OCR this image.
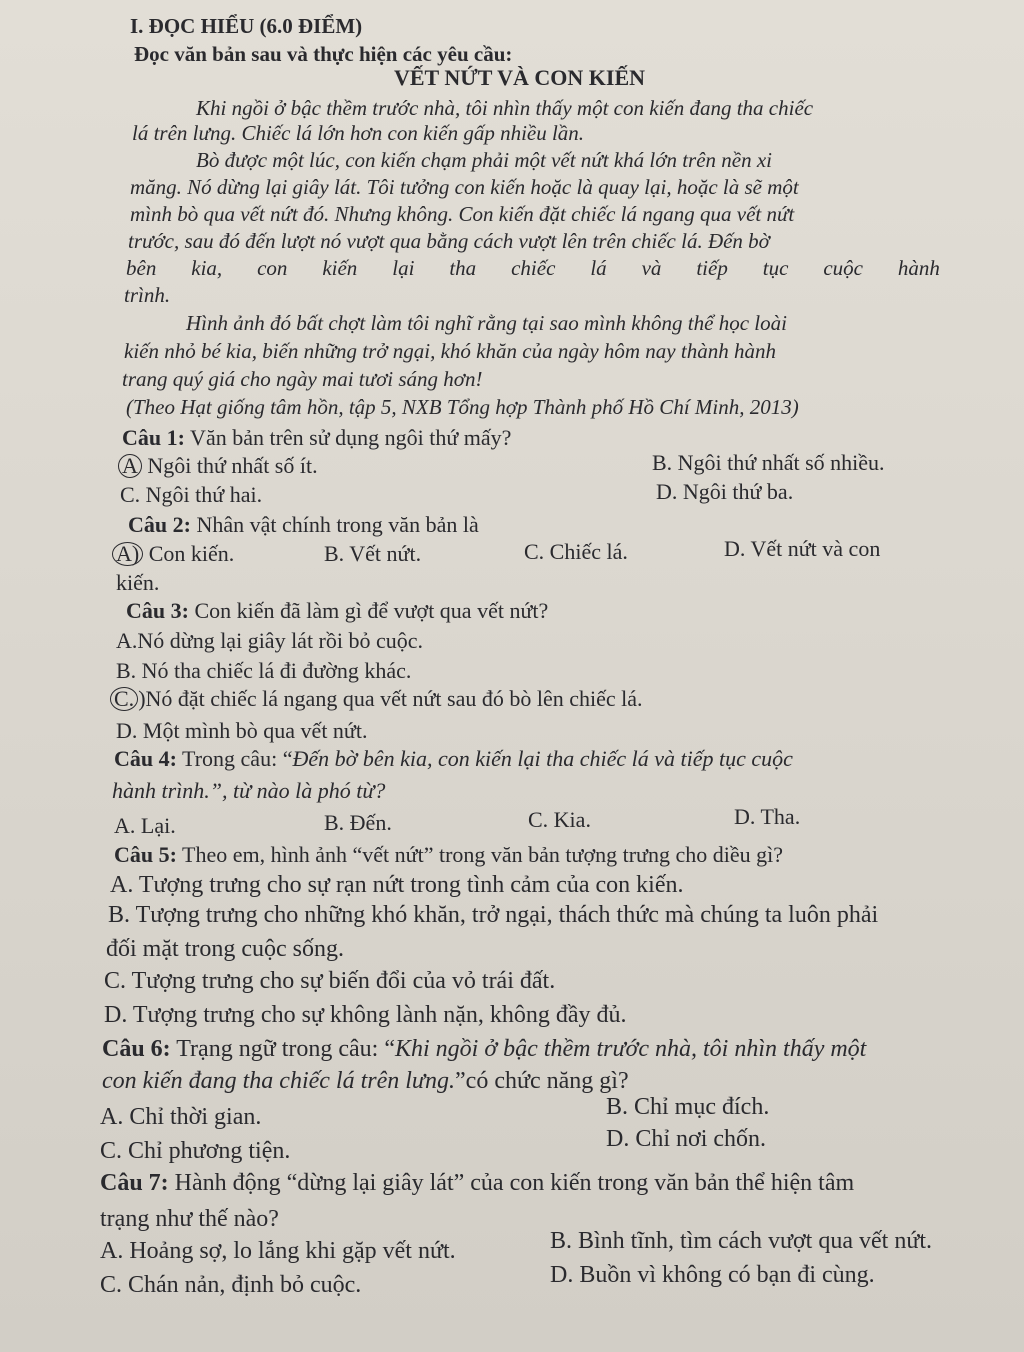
I. ĐỌC HIỂU (6.0 ĐIỂM)
Đọc văn bản sau và thực hiện các yêu cầu:
VẾT NỨT VÀ CON KIẾN
Khi ngồi ở bậc thềm trước nhà, tôi nhìn thấy một con kiến đang tha chiếc
lá trên lưng. Chiếc lá lớn hơn con kiến gấp nhiều lần.
Bò được một lúc, con kiến chạm phải một vết nứt khá lớn trên nền xi
măng. Nó dừng lại giây lát. Tôi tưởng con kiến hoặc là quay lại, hoặc là sẽ một
mình bò qua vết nứt đó. Nhưng không. Con kiến đặt chiếc lá ngang qua vết nứt
trước, sau đó đến lượt nó vượt qua bằng cách vượt lên trên chiếc lá. Đến bờ
bên kia, con kiến lại tha chiếc lá và tiếp tục cuộc hành
trình.
Hình ảnh đó bất chợt làm tôi nghĩ rằng tại sao mình không thể học loài
kiến nhỏ bé kia, biến những trở ngại, khó khăn của ngày hôm nay thành hành
trang quý giá cho ngày mai tươi sáng hơn!
(Theo Hạt giống tâm hồn, tập 5, NXB Tổng hợp Thành phố Hồ Chí Minh, 2013)
Câu 1: Văn bản trên sử dụng ngôi thứ mấy?
A Ngôi thứ nhất số ít.	B. Ngôi thứ nhất số nhiều.
C. Ngôi thứ hai.	D. Ngôi thứ ba.
Câu 2: Nhân vật chính trong văn bản là
A) Con kiến.	B. Vết nứt.	C. Chiếc lá.	D. Vết nứt và con
kiến.
Câu 3: Con kiến đã làm gì để vượt qua vết nứt?
A.Nó dừng lại giây lát rồi bỏ cuộc.
B. Nó tha chiếc lá đi đường khác.
C. )Nó đặt chiếc lá ngang qua vết nứt sau đó bò lên chiếc lá.
D. Một mình bò qua vết nứt.
Câu 4: Trong câu: “Đến bờ bên kia, con kiến lại tha chiếc lá và tiếp tục cuộc
hành trình.”, từ nào là phó từ?
A. Lại.	B. Đến.	C. Kia.	D. Tha.
Câu 5: Theo em, hình ảnh “vết nứt” trong văn bản tượng trưng cho diều gì?
A. Tượng trưng cho sự rạn nứt trong tình cảm của con kiến.
B. Tượng trưng cho những khó khăn, trở ngại, thách thức mà chúng ta luôn phải
đối mặt trong cuộc sống.
C. Tượng trưng cho sự biến đổi của vỏ trái đất.
D. Tượng trưng cho sự không lành nặn, không đầy đủ.
Câu 6: Trạng ngữ trong câu: “Khi ngồi ở bậc thềm trước nhà, tôi nhìn thấy một
con kiến đang tha chiếc lá trên lưng.”có chức năng gì?
A. Chỉ thời gian.	B. Chỉ mục đích.
C. Chỉ phương tiện.	D. Chỉ nơi chốn.
Câu 7: Hành động “dừng lại giây lát” của con kiến trong văn bản thể hiện tâm
trạng như thế nào?
A. Hoảng sợ, lo lắng khi gặp vết nứt.	B. Bình tĩnh, tìm cách vượt qua vết nứt.
C. Chán nản, định bỏ cuộc.	D. Buồn vì không có bạn đi cùng.
